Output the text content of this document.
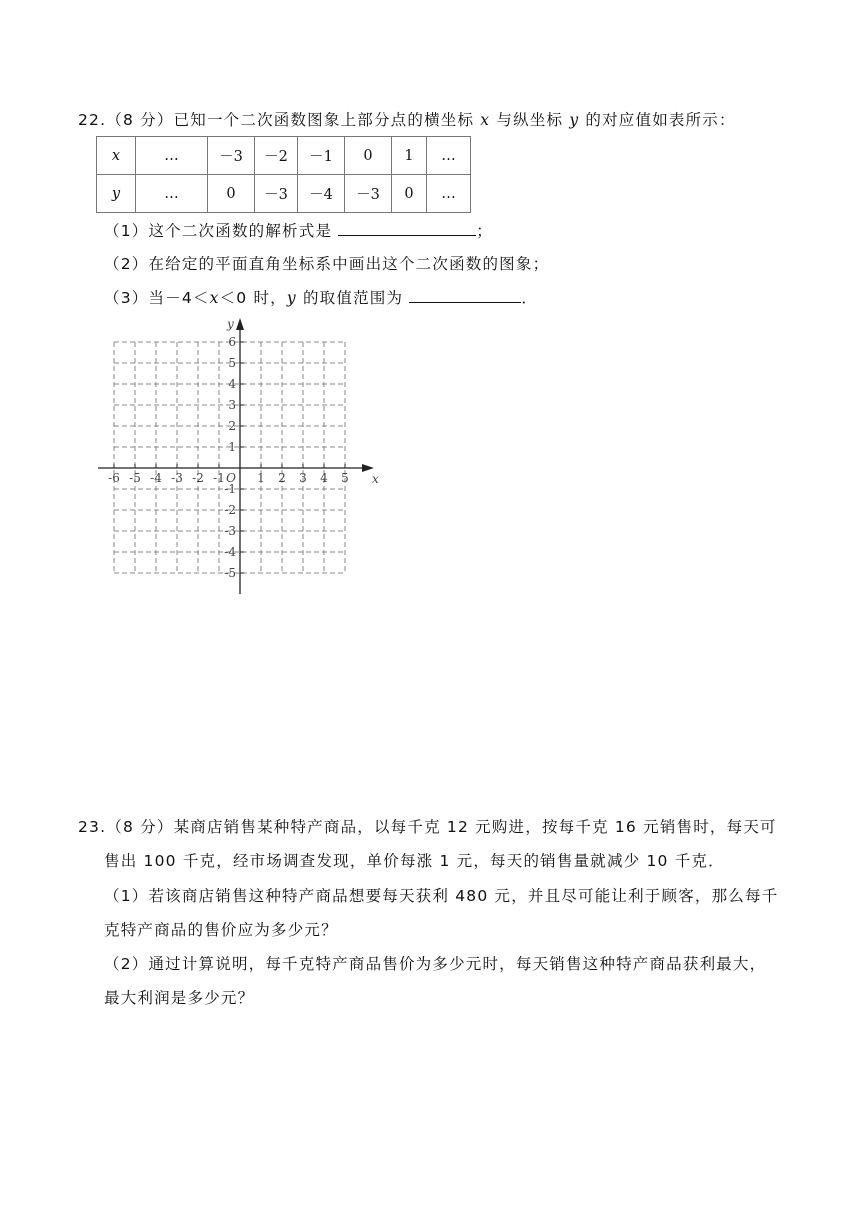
22.（8 分）已知一个二次函数图象上部分点的横坐标 x 与纵坐标 y 的对应值如表所示：
x	…	－3	－2	－1	0	1	…
y	…	0	－3	－4	－3	0	…
（1）这个二次函数的解析式是	；
（2）在给定的平面直角坐标系中画出这个二次函数的图象；
（3）当－4＜x＜0 时，y 的取值范围为	．
-6 -5 -4 -3 -2 -1	1 2 3 4 5
6
5
4
3
2
1
-1
-2
-3
-4
-5
O	x
y
23.（8 分）某商店销售某种特产商品，以每千克 12 元购进，按每千克 16 元销售时，每天可
售出 100 千克，经市场调查发现，单价每涨 1 元，每天的销售量就减少 10 千克．
（1）若该商店销售这种特产商品想要每天获利 480 元，并且尽可能让利于顾客，那么每千
克特产商品的售价应为多少元？
（2）通过计算说明，每千克特产商品售价为多少元时，每天销售这种特产商品获利最大，
最大利润是多少元？
